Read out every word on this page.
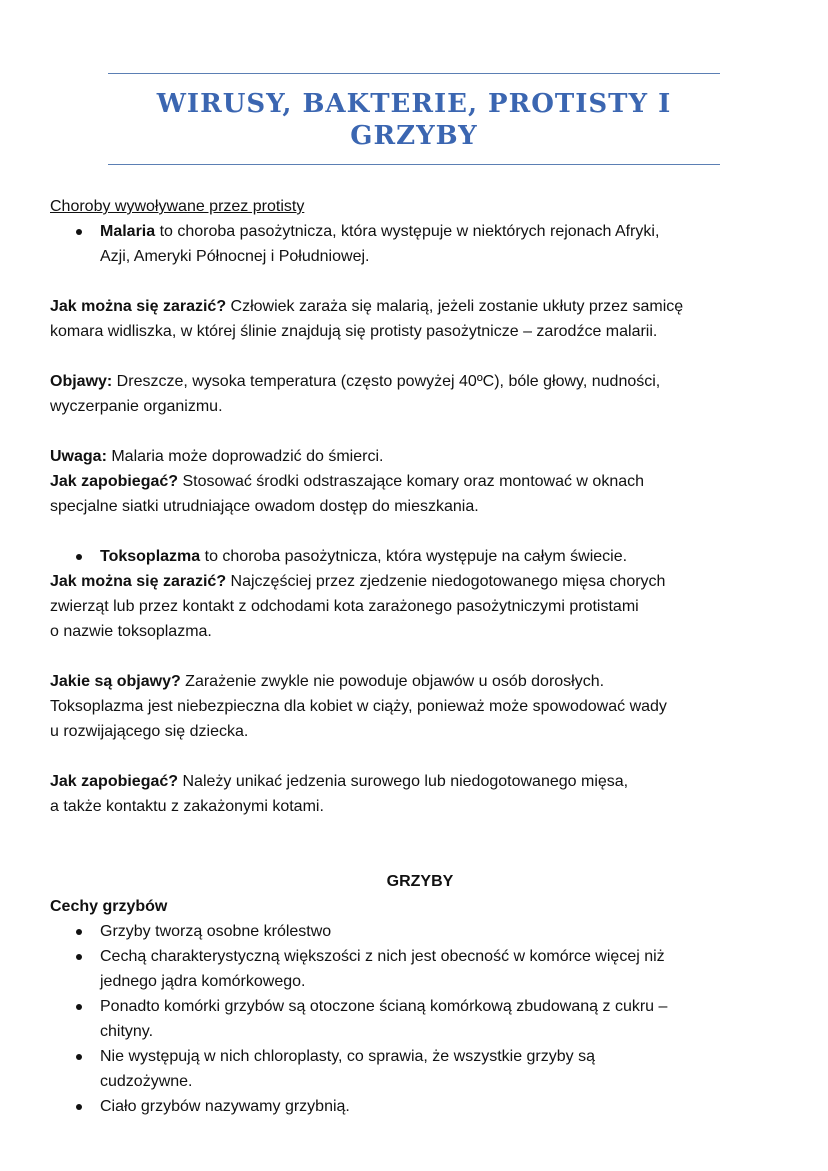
WIRUSY, BAKTERIE, PROTISTY I
GRZYBY

Choroby wywoływane przez protisty

Malaria to choroba pasożytnicza, która występuje w niektórych rejonach Afryki,
Azji, Ameryki Północnej i Południowej.

Jak można się zarazić? Człowiek zaraża się malarią, jeżeli zostanie ukłuty przez samicę
komara widliszka, w której ślinie znajdują się protisty pasożytnicze – zarodźce malarii.

Objawy: Dreszcze, wysoka temperatura (często powyżej 40ºC), bóle głowy, nudności,
wyczerpanie organizmu.

Uwaga: Malaria może doprowadzić do śmierci.

Jak zapobiegać? Stosować środki odstraszające komary oraz montować w oknach
specjalne siatki utrudniające owadom dostęp do mieszkania.

Toksoplazma to choroba pasożytnicza, która występuje na całym świecie.

Jak można się zarazić? Najczęściej przez zjedzenie niedogotowanego mięsa chorych
zwierząt lub przez kontakt z odchodami kota zarażonego pasożytniczymi protistami
o nazwie toksoplazma.

Jakie są objawy? Zarażenie zwykle nie powoduje objawów u osób dorosłych.
Toksoplazma jest niebezpieczna dla kobiet w ciąży, ponieważ może spowodować wady
u rozwijającego się dziecka.

Jak zapobiegać? Należy unikać jedzenia surowego lub niedogotowanego mięsa,
a także kontaktu z zakażonymi kotami.

GRZYBY

Cechy grzybów

Grzyby tworzą osobne królestwo
Cechą charakterystyczną większości z nich jest obecność w komórce więcej niż
jednego jądra komórkowego.
Ponadto komórki grzybów są otoczone ścianą komórkową zbudowaną z cukru –
chityny.
Nie występują w nich chloroplasty, co sprawia, że wszystkie grzyby są
cudzożywne.
Ciało grzybów nazywamy grzybnią.
